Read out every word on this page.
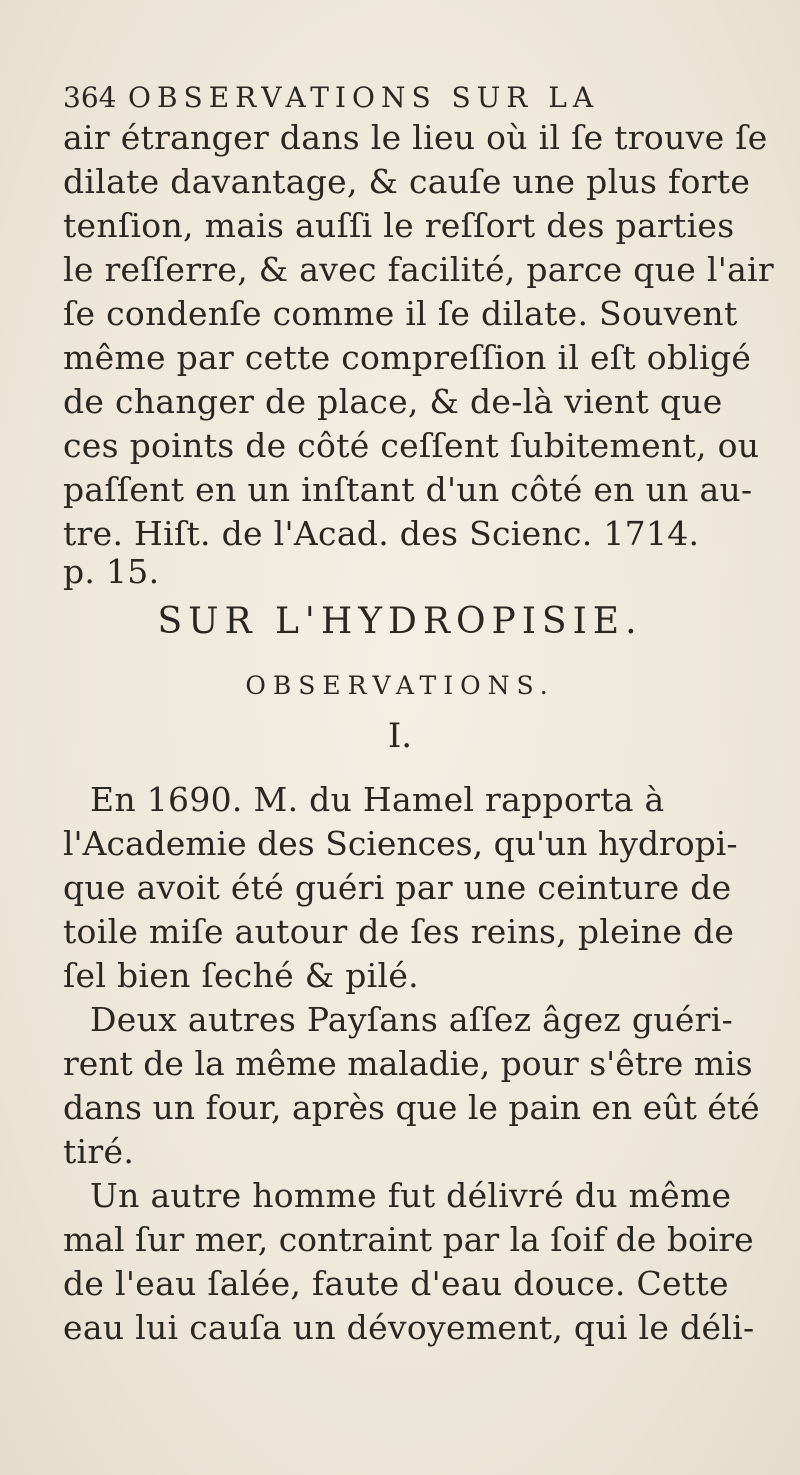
364 OBSERVATIONS SUR LA
air étranger dans le lieu où il ſe trouve ſe
dilate davantage, & cauſe une plus forte
tenſion, mais auſſi le reſſort des parties
le reſſerre, & avec facilité, parce que l'air
ſe condenſe comme il ſe dilate. Souvent
même par cette compreſſion il eſt obligé
de changer de place, & de-là vient que
ces points de côté ceſſent ſubitement, ou
paſſent en un inſtant d'un côté en un au-
tre. Hiſt. de l'Acad. des Scienc. 1714.
p. 15.
SUR L'HYDROPISIE.
OBSERVATIONS.
I.
En 1690. M. du Hamel rapporta à
l'Academie des Sciences, qu'un hydropi-
que avoit été guéri par une ceinture de
toile miſe autour de ſes reins, pleine de
ſel bien ſeché & pilé.
Deux autres Payſans aſſez âgez guéri-
rent de la même maladie, pour s'être mis
dans un four, après que le pain en eût été
tiré.
Un autre homme fut délivré du même
mal ſur mer, contraint par la ſoif de boire
de l'eau ſalée, faute d'eau douce. Cette
eau lui cauſa un dévoyement, qui le déli-
